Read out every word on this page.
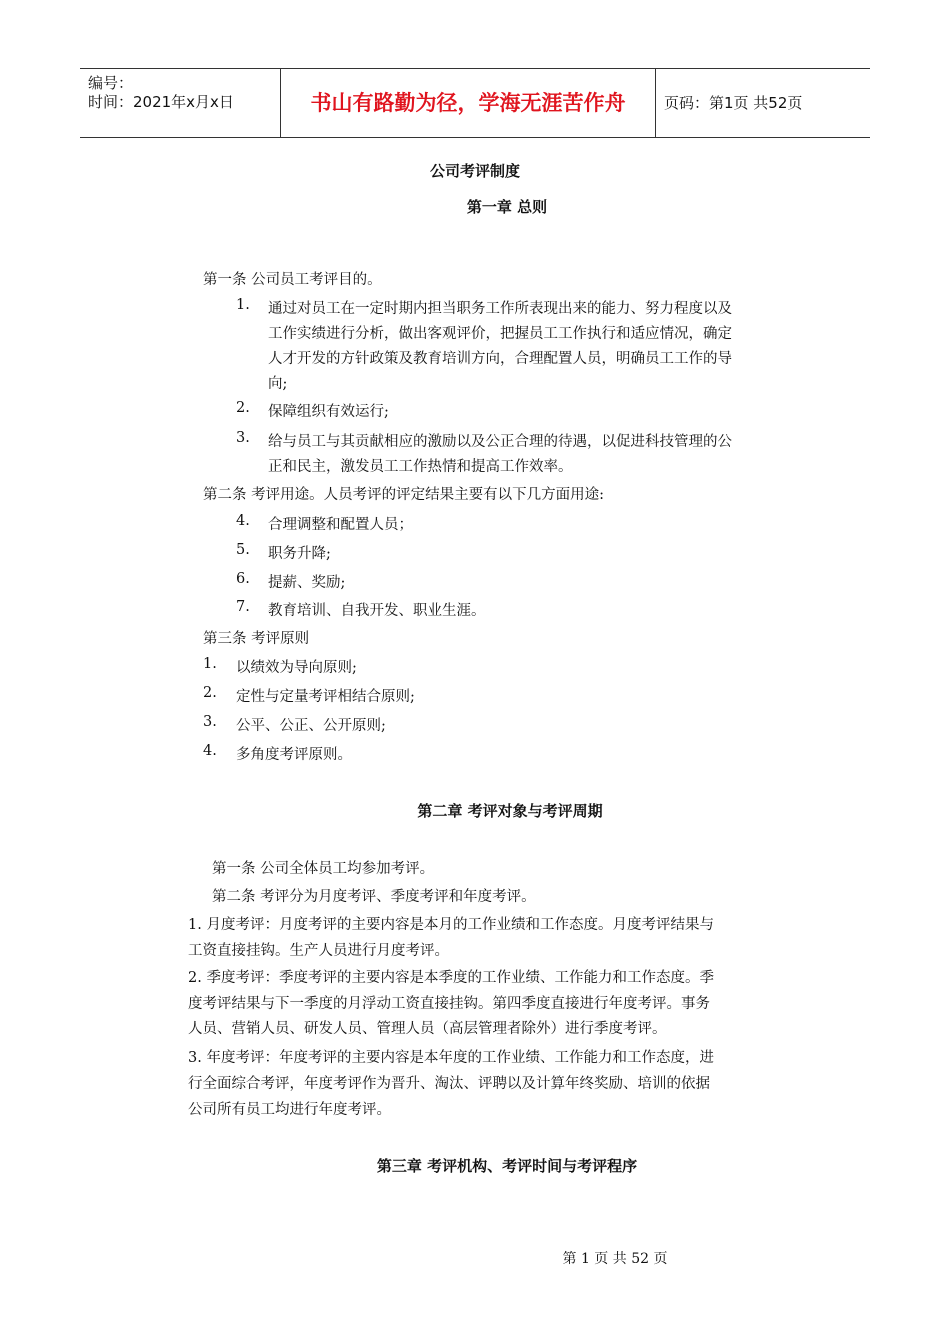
编号：
时间：2021年x月x日	书山有路勤为径，学海无涯苦作舟	页码：第1页 共52页
公司考评制度
第一章 总则
第一条 公司员工考评目的。
1. 通过对员工在一定时期内担当职务工作所表现出来的能力、努力程度以及
工作实绩进行分析，做出客观评价，把握员工工作执行和适应情况，确定
人才开发的方针政策及教育培训方向，合理配置人员，明确员工工作的导
向;
2. 保障组织有效运行;
3. 给与员工与其贡献相应的激励以及公正合理的待遇，以促进科技管理的公
正和民主，激发员工工作热情和提高工作效率。
第二条 考评用途。人员考评的评定结果主要有以下几方面用途:
4. 合理调整和配置人员；
5. 职务升降;
6. 提薪、奖励;
7. 教育培训、自我开发、职业生涯。
第三条 考评原则
1. 以绩效为导向原则;
2. 定性与定量考评相结合原则;
3. 公平、公正、公开原则;
4. 多角度考评原则。
第二章 考评对象与考评周期
第一条 公司全体员工均参加考评。
第二条 考评分为月度考评、季度考评和年度考评。
1. 月度考评：月度考评的主要内容是本月的工作业绩和工作态度。月度考评结果与
工资直接挂钩。生产人员进行月度考评。
2. 季度考评：季度考评的主要内容是本季度的工作业绩、工作能力和工作态度。季
度考评结果与下一季度的月浮动工资直接挂钩。第四季度直接进行年度考评。事务
人员、营销人员、研发人员、管理人员（高层管理者除外）进行季度考评。
3. 年度考评：年度考评的主要内容是本年度的工作业绩、工作能力和工作态度，进
行全面综合考评，年度考评作为晋升、淘汰、评聘以及计算年终奖励、培训的依据
公司所有员工均进行年度考评。
第三章 考评机构、考评时间与考评程序
第 1 页 共 52 页
